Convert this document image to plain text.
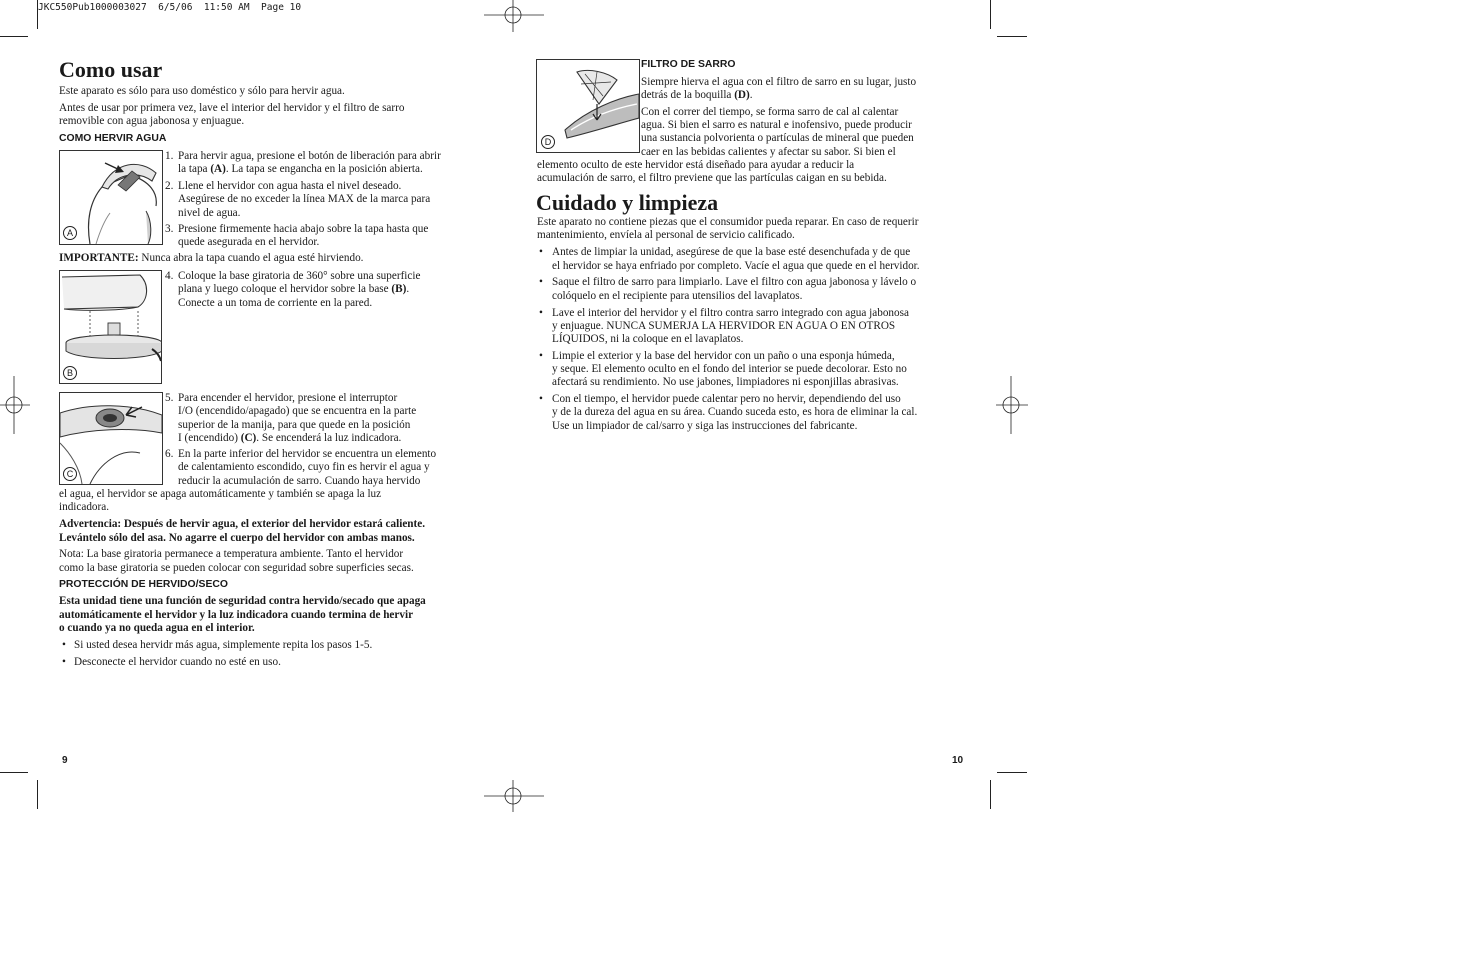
JKC550Pub1000003027  6/5/06  11:50 AM  Page 10
Como usar
Este aparato es sólo para uso doméstico y sólo para hervir agua.
Antes de usar por primera vez, lave el interior del hervidor y el filtro de sarro
removible con agua jabonosa y enjuague.
COMO HERVIR AGUA
A
1. Para hervir agua, presione el botón de liberación para abrir
la tapa (A). La tapa se engancha en la posición abierta.
2. Llene el hervidor con agua hasta el nivel deseado.
Asegúrese de no exceder la línea MAX de la marca para
nivel de agua.
3. Presione firmemente hacia abajo sobre la tapa hasta que
quede asegurada en el hervidor.
IMPORTANTE: Nunca abra la tapa cuando el agua esté hirviendo.
B
4. Coloque la base giratoria de 360° sobre una superficie
plana y luego coloque el hervidor sobre la base (B).
Conecte a un toma de corriente en la pared.
C
5. Para encender el hervidor, presione el interruptor
I/O (encendido/apagado) que se encuentra en la parte
superior de la manija, para que quede en la posición
I (encendido) (C). Se encenderá la luz indicadora.
6. En la parte inferior del hervidor se encuentra un elemento
de calentamiento escondido, cuyo fin es hervir el agua y
reducir la acumulación de sarro. Cuando haya hervido
el agua, el hervidor se apaga automáticamente y también se apaga la luz
indicadora.
Advertencia: Después de hervir agua, el exterior del hervidor estará caliente.
Levántelo sólo del asa. No agarre el cuerpo del hervidor con ambas manos.
Nota: La base giratoria permanece a temperatura ambiente. Tanto el hervidor
como la base giratoria se pueden colocar con seguridad sobre superficies secas.
PROTECCIÓN DE HERVIDO/SECO
Esta unidad tiene una función de seguridad contra hervido/secado que apaga
automáticamente el hervidor y la luz indicadora cuando termina de hervir
o cuando ya no queda agua en el interior.
• Si usted desea hervidr más agua, simplemente repita los pasos 1-5.
• Desconecte el hervidor cuando no esté en uso.
9
D
FILTRO DE SARRO
Siempre hierva el agua con el filtro de sarro en su lugar, justo
detrás de la boquilla (D).
Con el correr del tiempo, se forma sarro de cal al calentar
agua. Si bien el sarro es natural e inofensivo, puede producir
una sustancia polvorienta o partículas de mineral que pueden
caer en las bebidas calientes y afectar su sabor. Si bien el
elemento oculto de este hervidor está diseñado para ayudar a reducir la
acumulación de sarro, el filtro previene que las partículas caigan en su bebida.
Cuidado y limpieza
Este aparato no contiene piezas que el consumidor pueda reparar. En caso de requerir
mantenimiento, envíela al personal de servicio calificado.
• Antes de limpiar la unidad, asegúrese de que la base esté desenchufada y de que
el hervidor se haya enfriado por completo. Vacíe el agua que quede en el hervidor.
• Saque el filtro de sarro para limpiarlo. Lave el filtro con agua jabonosa y lávelo o
colóquelo en el recipiente para utensilios del lavaplatos.
• Lave el interior del hervidor y el filtro contra sarro integrado con agua jabonosa
y enjuague. NUNCA SUMERJA LA HERVIDOR EN AGUA O EN OTROS
LÍQUIDOS, ni la coloque en el lavaplatos.
• Limpie el exterior y la base del hervidor con un paño o una esponja húmeda,
y seque. El elemento oculto en el fondo del interior se puede decolorar. Esto no
afectará su rendimiento. No use jabones, limpiadores ni esponjillas abrasivas.
• Con el tiempo, el hervidor puede calentar pero no hervir, dependiendo del uso
y de la dureza del agua en su área. Cuando suceda esto, es hora de eliminar la cal.
Use un limpiador de cal/sarro y siga las instrucciones del fabricante.
10
